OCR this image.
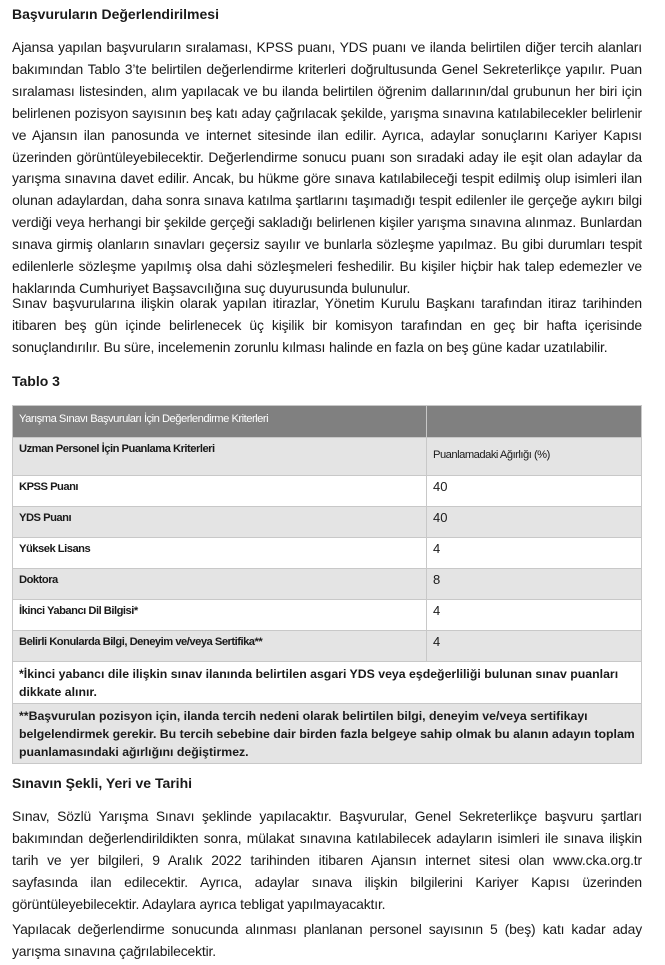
Başvuruların Değerlendirilmesi

Ajansa yapılan başvuruların sıralaması, KPSS puanı, YDS puanı ve ilanda belirtilen diğer tercih alanları bakımından Tablo 3’te belirtilen değerlendirme kriterleri doğrultusunda Genel Sekreterlikçe yapılır. Puan sıralaması listesinden, alım yapılacak ve bu ilanda belirtilen öğrenim dallarının/dal grubunun her biri için belirlenen pozisyon sayısının beş katı aday çağrılacak şekilde, yarışma sınavına katılabilecekler belirlenir ve Ajansın ilan panosunda ve internet sitesinde ilan edilir. Ayrıca, adaylar sonuçlarını Kariyer Kapısı üzerinden görüntüleyebilecektir. Değerlendirme sonucu puanı son sıradaki aday ile eşit olan adaylar da yarışma sınavına davet edilir. Ancak, bu hükme göre sınava katılabileceği tespit edilmiş olup isimleri ilan olunan adaylardan, daha sonra sınava katılma şartlarını taşımadığı tespit edilenler ile gerçeğe aykırı bilgi verdiği veya herhangi bir şekilde gerçeği sakladığı belirlenen kişiler yarışma sınavına alınmaz. Bunlardan sınava girmiş olanların sınavları geçersiz sayılır ve bunlarla sözleşme yapılmaz. Bu gibi durumları tespit edilenlerle sözleşme yapılmış olsa dahi sözleşmeleri feshedilir. Bu kişiler hiçbir hak talep edemezler ve haklarında Cumhuriyet Başsavcılığına suç duyurusunda bulunulur.

Sınav başvurularına ilişkin olarak yapılan itirazlar, Yönetim Kurulu Başkanı tarafından itiraz tarihinden itibaren beş gün içinde belirlenecek üç kişilik bir komisyon tarafından en geç bir hafta içerisinde sonuçlandırılır. Bu süre, incelemenin zorunlu kılması halinde en fazla on beş güne kadar uzatılabilir.

Tablo 3
Yarışma Sınavı Başvuruları İçin Değerlendirme Kriterleri	
Uzman Personel İçin Puanlama Kriterleri	Puanlamadaki Ağırlığı (%)
KPSS Puanı	40
YDS Puanı	40
Yüksek Lisans	4
Doktora	8
İkinci Yabancı Dil Bilgisi*	4
Belirli Konularda Bilgi, Deneyim ve/veya Sertifika**	4
*İkinci yabancı dile ilişkin sınav ilanında belirtilen asgari YDS veya eşdeğerliliği bulunan sınav puanları dikkate alınır.	
**Başvurulan pozisyon için, ilanda tercih nedeni olarak belirtilen bilgi, deneyim ve/veya sertifikayı belgelendirmek gerekir. Bu tercih sebebine dair birden fazla belgeye sahip olmak bu alanın adayın toplam puanlamasındaki ağırlığını değiştirmez.	
Sınavın Şekli, Yeri ve Tarihi

Sınav, Sözlü Yarışma Sınavı şeklinde yapılacaktır. Başvurular, Genel Sekreterlikçe başvuru şartları bakımından değerlendirildikten sonra, mülakat sınavına katılabilecek adayların isimleri ile sınava ilişkin tarih ve yer bilgileri, 9 Aralık 2022 tarihinden itibaren Ajansın internet sitesi olan www.cka.org.tr sayfasında ilan edilecektir. Ayrıca, adaylar sınava ilişkin bilgilerini Kariyer Kapısı üzerinden görüntüleyebilecektir. Adaylara ayrıca tebligat yapılmayacaktır.

Yapılacak değerlendirme sonucunda alınması planlanan personel sayısının 5 (beş) katı kadar aday yarışma sınavına çağrılabilecektir.
